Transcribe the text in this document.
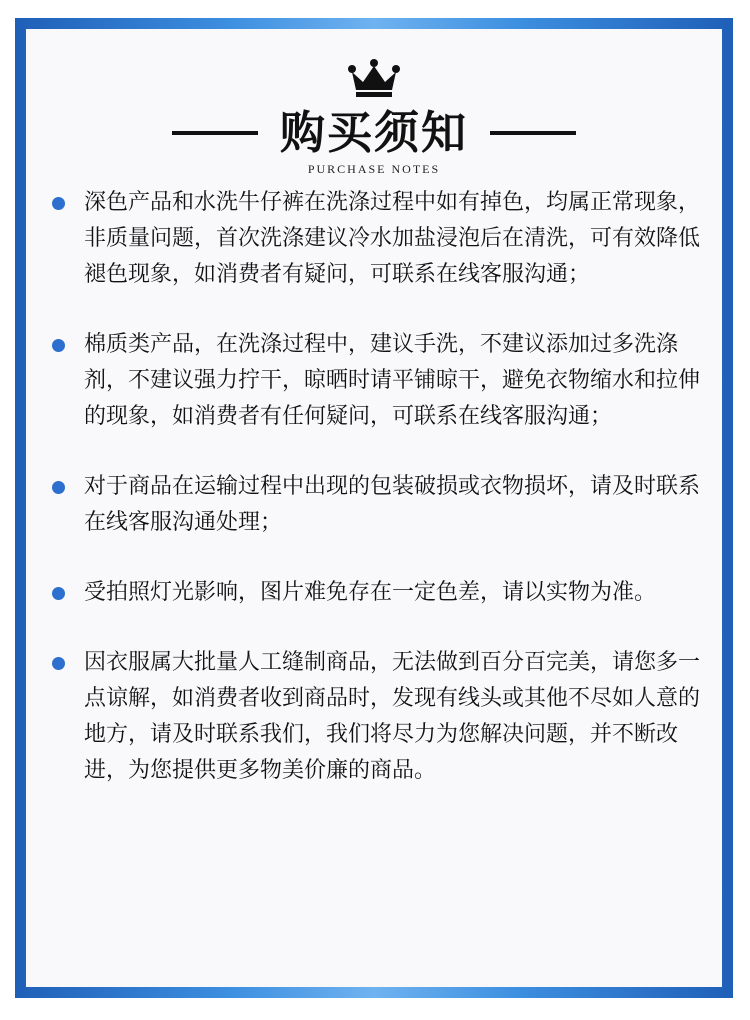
购买须知
PURCHASE NOTES
深色产品和水洗牛仔裤在洗涤过程中如有掉色，均属正常现象，非质量问题，首次洗涤建议冷水加盐浸泡后在清洗，可有效降低褪色现象，如消费者有疑问，可联系在线客服沟通；
棉质类产品，在洗涤过程中，建议手洗，不建议添加过多洗涤剂，不建议强力拧干，晾晒时请平铺晾干，避免衣物缩水和拉伸的现象，如消费者有任何疑问，可联系在线客服沟通；
对于商品在运输过程中出现的包装破损或衣物损坏，请及时联系在线客服沟通处理；
受拍照灯光影响，图片难免存在一定色差，请以实物为准。
因衣服属大批量人工缝制商品，无法做到百分百完美，请您多一点谅解，如消费者收到商品时，发现有线头或其他不尽如人意的地方，请及时联系我们，我们将尽力为您解决问题，并不断改进，为您提供更多物美价廉的商品。
